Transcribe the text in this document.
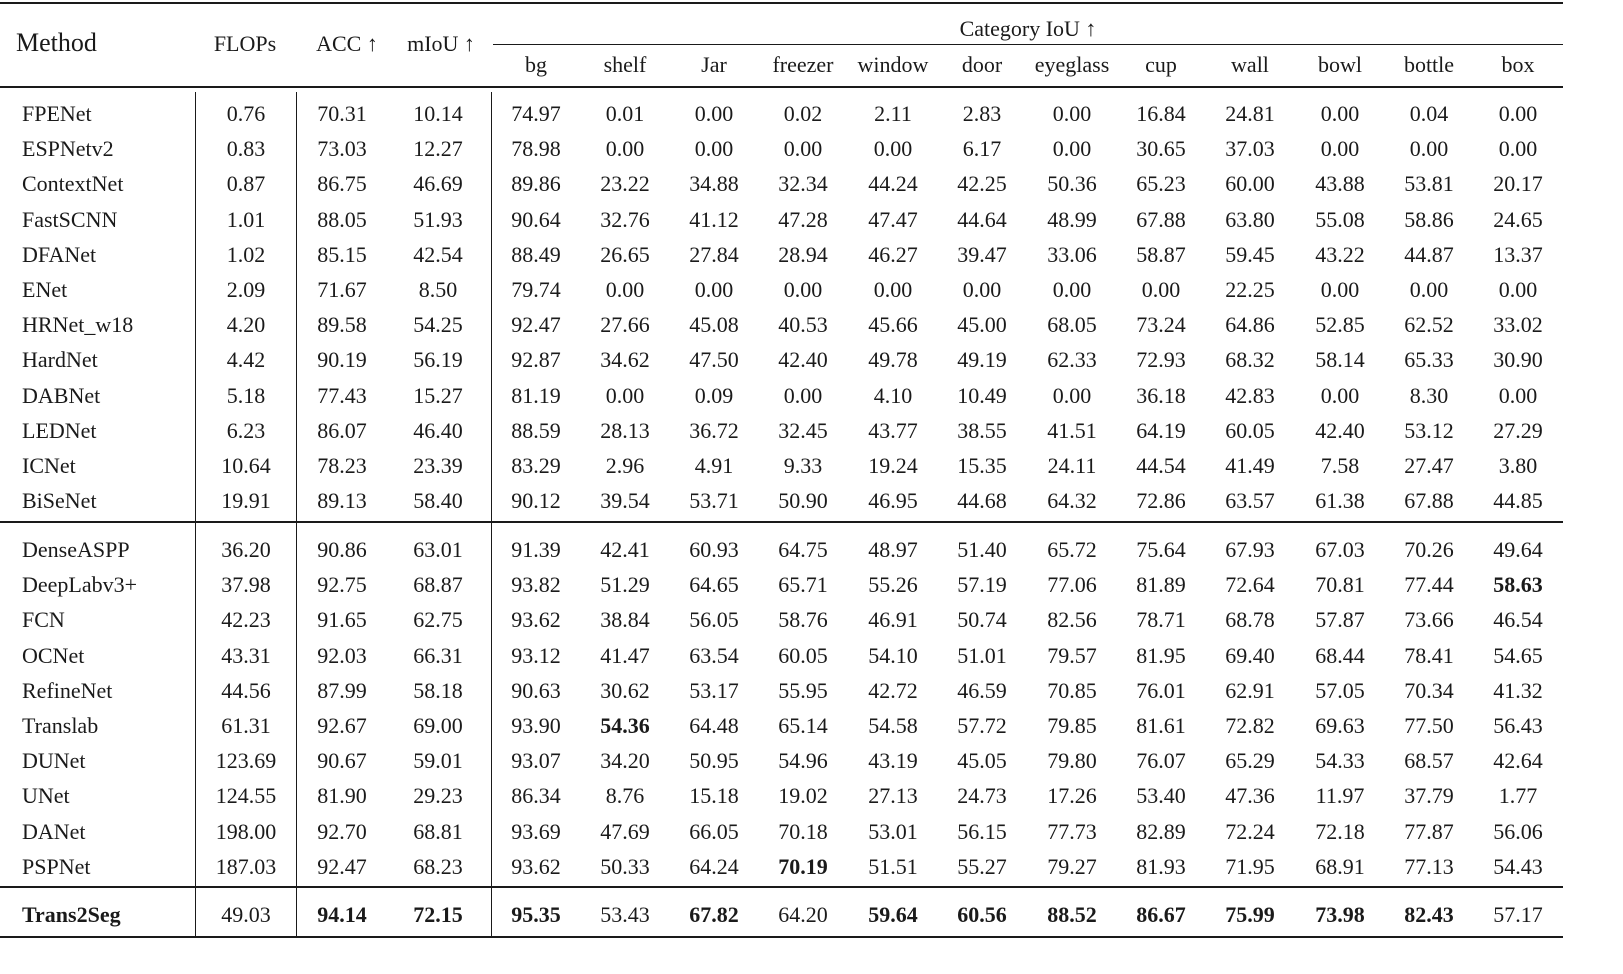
Method	FLOPs	ACC ↑	mIoU ↑
Category IoU ↑
bg	shelf	Jar	freezer	window	door	eyeglass	cup	wall	bowl	bottle	box
FPENet	0.76	70.31	10.14	74.97	0.01	0.00	0.02	2.11	2.83	0.00	16.84	24.81	0.00	0.04	0.00
ESPNetv2	0.83	73.03	12.27	78.98	0.00	0.00	0.00	0.00	6.17	0.00	30.65	37.03	0.00	0.00	0.00
ContextNet	0.87	86.75	46.69	89.86	23.22	34.88	32.34	44.24	42.25	50.36	65.23	60.00	43.88	53.81	20.17
FastSCNN	1.01	88.05	51.93	90.64	32.76	41.12	47.28	47.47	44.64	48.99	67.88	63.80	55.08	58.86	24.65
DFANet	1.02	85.15	42.54	88.49	26.65	27.84	28.94	46.27	39.47	33.06	58.87	59.45	43.22	44.87	13.37
ENet	2.09	71.67	8.50	79.74	0.00	0.00	0.00	0.00	0.00	0.00	0.00	22.25	0.00	0.00	0.00
HRNet_w18	4.20	89.58	54.25	92.47	27.66	45.08	40.53	45.66	45.00	68.05	73.24	64.86	52.85	62.52	33.02
HardNet	4.42	90.19	56.19	92.87	34.62	47.50	42.40	49.78	49.19	62.33	72.93	68.32	58.14	65.33	30.90
DABNet	5.18	77.43	15.27	81.19	0.00	0.09	0.00	4.10	10.49	0.00	36.18	42.83	0.00	8.30	0.00
LEDNet	6.23	86.07	46.40	88.59	28.13	36.72	32.45	43.77	38.55	41.51	64.19	60.05	42.40	53.12	27.29
ICNet	10.64	78.23	23.39	83.29	2.96	4.91	9.33	19.24	15.35	24.11	44.54	41.49	7.58	27.47	3.80
BiSeNet	19.91	89.13	58.40	90.12	39.54	53.71	50.90	46.95	44.68	64.32	72.86	63.57	61.38	67.88	44.85
DenseASPP	36.20	90.86	63.01	91.39	42.41	60.93	64.75	48.97	51.40	65.72	75.64	67.93	67.03	70.26	49.64
DeepLabv3+	37.98	92.75	68.87	93.82	51.29	64.65	65.71	55.26	57.19	77.06	81.89	72.64	70.81	77.44	58.63
FCN	42.23	91.65	62.75	93.62	38.84	56.05	58.76	46.91	50.74	82.56	78.71	68.78	57.87	73.66	46.54
OCNet	43.31	92.03	66.31	93.12	41.47	63.54	60.05	54.10	51.01	79.57	81.95	69.40	68.44	78.41	54.65
RefineNet	44.56	87.99	58.18	90.63	30.62	53.17	55.95	42.72	46.59	70.85	76.01	62.91	57.05	70.34	41.32
Translab	61.31	92.67	69.00	93.90	54.36	64.48	65.14	54.58	57.72	79.85	81.61	72.82	69.63	77.50	56.43
DUNet	123.69	90.67	59.01	93.07	34.20	50.95	54.96	43.19	45.05	79.80	76.07	65.29	54.33	68.57	42.64
UNet	124.55	81.90	29.23	86.34	8.76	15.18	19.02	27.13	24.73	17.26	53.40	47.36	11.97	37.79	1.77
DANet	198.00	92.70	68.81	93.69	47.69	66.05	70.18	53.01	56.15	77.73	82.89	72.24	72.18	77.87	56.06
PSPNet	187.03	92.47	68.23	93.62	50.33	64.24	70.19	51.51	55.27	79.27	81.93	71.95	68.91	77.13	54.43
Trans2Seg	49.03	94.14	72.15	95.35	53.43	67.82	64.20	59.64	60.56	88.52	86.67	75.99	73.98	82.43	57.17
